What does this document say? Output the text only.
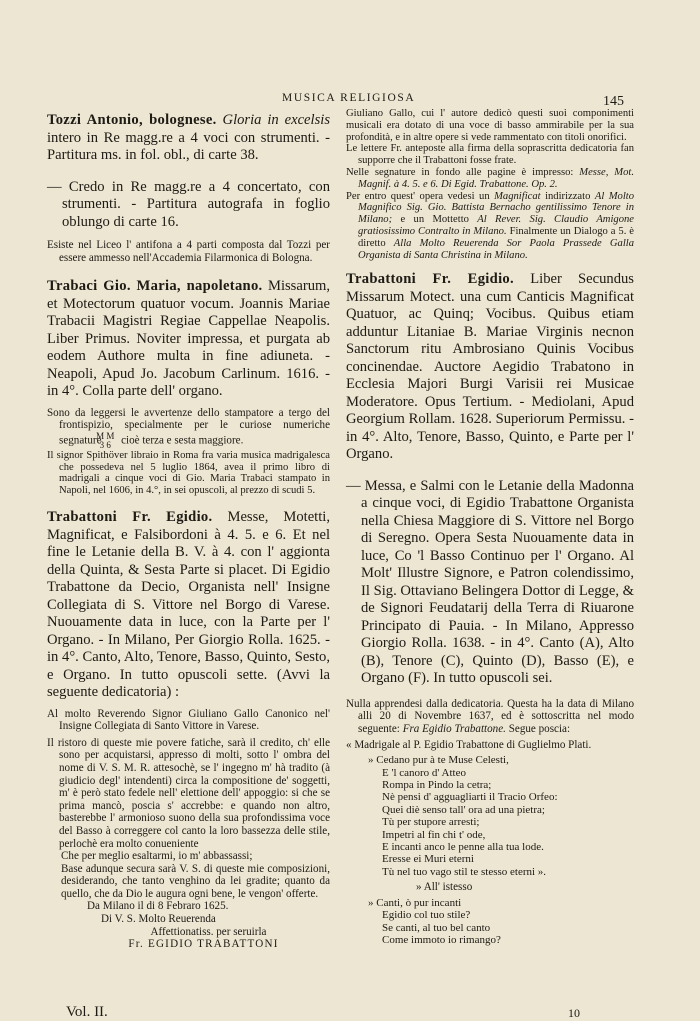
MUSICA RELIGIOSA	145

Tozzi Antonio, bolognese. Gloria in excelsis intero in Re magg.re a 4 voci con strumenti. - Partitura ms. in fol. obl., di carte 38.

— Credo in Re magg.re a 4 concertato, con strumenti. - Partitura autografa in foglio oblungo di carte 16.

Esiste nel Liceo l' antifona a 4 parti composta dal Tozzi per essere ammesso nell'Accademia Filarmonica di Bologna.

Trabaci Gio. Maria, napoletano. Missarum, et Motectorum quatuor vocum. Joannis Mariae Trabacii Magistri Regiae Cappellae Neapolis. Liber Primus. Noviter impressa, et purgata ab eodem Authore multa in fine adiuneta. - Neapoli, Apud Jo. Jacobum Carlinum. 1616. - in 4°. Colla parte dell' organo.

Sono da leggersi le avvertenze dello stampatore a tergo del frontispizio, specialmente per le curiose numeriche segnature
M M
3 6 cioè terza e sesta maggiore.

Il signor Spithöver libraio in Roma fra varia musica madrigalesca che possedeva nel 5 luglio 1864, avea il primo libro di madrigali a cinque voci di Gio. Maria Trabaci stampato in Napoli, nel 1606, in 4.°, in sei opuscoli, al prezzo di scudi 5.

Trabattoni Fr. Egidio. Messe, Motetti, Magnificat, e Falsibordoni à 4. 5. e 6. Et nel fine le Letanie della B. V. à 4. con l' aggionta della Quinta, & Sesta Parte si placet. Di Egidio Trabattone da Decio, Organista nell' Insigne Collegiata di S. Vittore nel Borgo di Varese. Nuouamente data in luce, con la Parte per l' Organo. - In Milano, Per Giorgio Rolla. 1625. - in 4°. Canto, Alto, Tenore, Basso, Quinto, Sesto, e Organo. In tutto opuscoli sette. (Avvi la seguente dedicatoria) :

Al molto Reverendo Signor Giuliano Gallo Canonico nel' Insigne Collegiata di Santo Vittore in Varese.

Il ristoro di queste mie povere fatiche, sarà il credito, ch' elle sono per acquistarsi, appresso di molti, sotto l' ombra del nome di V. S. M. R. attesochè, se l' ingegno m' hà tradito (à giudicio degl' intendenti) circa la compositione de' soggetti, m' è però stato fedele nell' elettione dell' appoggio: si che se prima mancò, poscia s' accrebbe: e quando non altro, basterebbe l' armonioso suono della sua profondissima voce del Basso à correggere col canto la loro bassezza delle stile, perlochè era molto conueniente

Che per meglio esaltarmi, io m' abbassassi;

Base adunque secura sarà V. S. di queste mie composizioni, desiderando, che tanto venghino da lei gradite; quanto da quello, che da Dio le augura ogni bene, le vengon' offerte.

Da Milano il di 8 Febraro 1625.

Di V. S. Molto Reuerenda

Affettionatiss. per seruirla

Fr. EGIDIO TRABATTONI

Giuliano Gallo, cui l' autore dedicò questi suoi componimenti musicali era dotato di una voce di basso ammirabile per la sua profondità, e in altre opere si vede rammentato con titoli onorifici.

Le lettere Fr. anteposte alla firma della soprascritta dedicatoria fan supporre che il Trabattoni fosse frate.

Nelle segnature in fondo alle pagine è impresso: Messe, Mot. Magnif. à 4. 5. e 6. Di Egid. Trabattone. Op. 2.

Per entro quest' opera vedesi un Magnificat indirizzato Al Molto Magnifico Sig. Gio. Battista Bernacho gentilissimo Tenore in Milano; e un Mottetto Al Rever. Sig. Claudio Amigone gratiosissimo Contralto in Milano. Finalmente un Dialogo a 5. è diretto Alla Molto Reuerenda Sor Paola Prassede Galla Organista di Santa Christina in Milano.

Trabattoni Fr. Egidio. Liber Secundus Missarum Motect. una cum Canticis Magnificat Quatuor, ac Quinq; Vocibus. Quibus etiam adduntur Litaniae B. Mariae Virginis necnon Sanctorum ritu Ambrosiano Quinis Vocibus concinendae. Auctore Aegidio Trabatono in Ecclesia Majori Burgi Varisii rei Musicae Moderatore. Opus Tertium. - Mediolani, Apud Georgium Rollam. 1628. Superiorum Permissu. - in 4°. Alto, Tenore, Basso, Quinto, e Parte per l' Organo.

— Messa, e Salmi con le Letanie della Madonna a cinque voci, di Egidio Trabattone Organista nella Chiesa Maggiore di S. Vittore nel Borgo di Seregno. Opera Sesta Nuouamente data in luce, Co 'l Basso Continuo per l' Organo. Al Molt' Illustre Signore, e Patron colendissimo, Il Sig. Ottaviano Belingera Dottor di Legge, & de Signori Feudatarij della Terra di Riuarone Principato di Pauia. - In Milano, Appresso Giorgio Rolla. 1638. - in 4°. Canto (A), Alto (B), Tenore (C), Quinto (D), Basso (E), e Organo (F). In tutto opuscoli sei.

Nulla apprendesi dalla dedicatoria. Questa ha la data di Milano alli 20 di Novembre 1637, ed è sottoscritta nel modo seguente: Fra Egidio Trabattone. Segue poscia:

« Madrigale al P. Egidio Trabattone di Guglielmo Plati.

» Cedano pur à te Muse Celesti,
E 'l canoro d' Atteo
Rompa in Pindo la cetra;
Nè pensi d' agguagliarti il Tracio Orfeo:
Quei diè senso tall' ora ad una pietra;
Tù per stupore arresti;
Impetri al fin chi t' ode,
E incanti anco le penne alla tua lode.
Eresse ei Muri eterni
Tù nel tuo vago stil te stesso eterni ».

» All' istesso

» Canti, ò pur incanti
Egidio col tuo stile?
Se canti, al tuo bel canto
Come immoto io rimango?
Vol. II.	10
